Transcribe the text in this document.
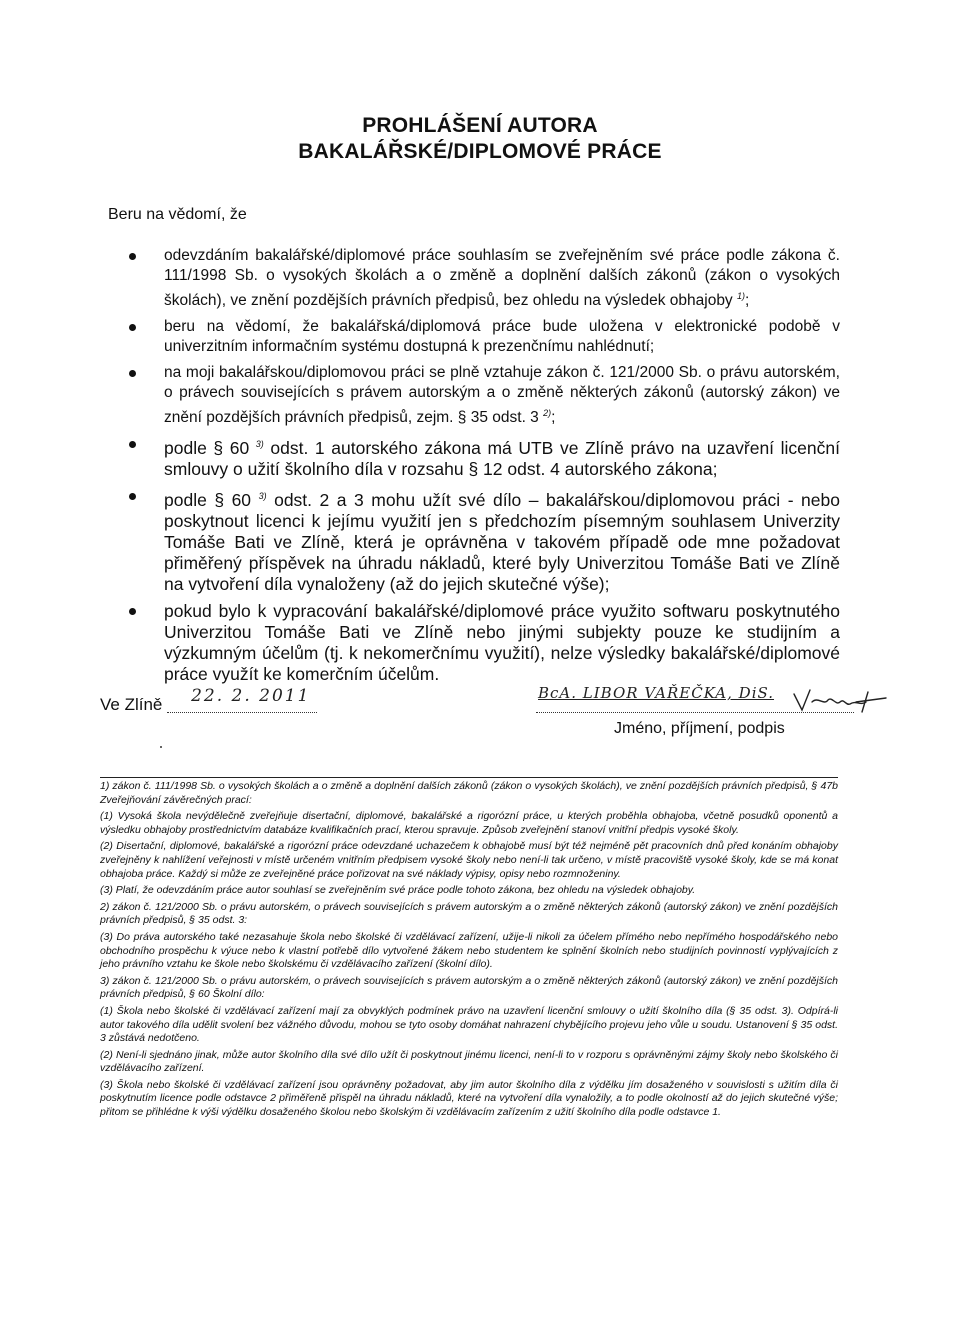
PROHLÁŠENÍ AUTORA
BAKALÁŘSKÉ/DIPLOMOVÉ PRÁCE
Beru na vědomí, že
odevzdáním bakalářské/diplomové práce souhlasím se zveřejněním své práce podle zákona č. 111/1998 Sb. o vysokých školách a o změně a doplnění dalších zákonů (zákon o vysokých školách), ve znění pozdějších právních předpisů, bez ohledu na výsledek obhajoby $^{1)}$;
beru na vědomí, že bakalářská/diplomová práce bude uložena v elektronické podobě v univerzitním informačním systému dostupná k prezenčnímu nahlédnutí;
na moji bakalářskou/diplomovou práci se plně vztahuje zákon č. 121/2000 Sb. o právu autorském, o právech souvisejících s právem autorským a o změně některých zákonů (autorský zákon) ve znění pozdějších právních předpisů, zejm. § 35 odst. 3 $^{2)}$;
podle § 60 $^{3)}$ odst. 1 autorského zákona má UTB ve Zlíně právo na uzavření licenční smlouvy o užití školního díla v rozsahu § 12 odst. 4 autorského zákona;
podle § 60 $^{3)}$ odst. 2 a 3 mohu užít své dílo – bakalářskou/diplomovou práci - nebo poskytnout licenci k jejímu využití jen s předchozím písemným souhlasem Univerzity Tomáše Bati ve Zlíně, která je oprávněna v takovém případě ode mne požadovat přiměřený příspěvek na úhradu nákladů, které byly Univerzitou Tomáše Bati ve Zlíně na vytvoření díla vynaloženy (až do jejich skutečné výše);
pokud bylo k vypracování bakalářské/diplomové práce využito softwaru poskytnutého Univerzitou Tomáše Bati ve Zlíně nebo jinými subjekty pouze ke studijním a výzkumným účelům (tj. k nekomerčnímu využití), nelze výsledky bakalářské/diplomové práce využít ke komerčním účelům.
Ve Zlíně 22. 2. 2011	BcA. LIBOR VAŘEČKA, DiS.
Jméno, příjmení, podpis

1) zákon č. 111/1998 Sb. o vysokých školách a o změně a doplnění dalších zákonů (zákon o vysokých školách), ve znění pozdějších právních předpisů, § 47b Zveřejňování závěrečných prací:

(1) Vysoká škola nevýdělečně zveřejňuje disertační, diplomové, bakalářské a rigorózní práce, u kterých proběhla obhajoba, včetně posudků oponentů a výsledku obhajoby prostřednictvím databáze kvalifikačních prací, kterou spravuje. Způsob zveřejnění stanoví vnitřní předpis vysoké školy.

(2) Disertační, diplomové, bakalářské a rigorózní práce odevzdané uchazečem k obhajobě musí být též nejméně pět pracovních dnů před konáním obhajoby zveřejněny k nahlížení veřejnosti v místě určeném vnitřním předpisem vysoké školy nebo není-li tak určeno, v místě pracoviště vysoké školy, kde se má konat obhajoba práce. Každý si může ze zveřejněné práce pořizovat na své náklady výpisy, opisy nebo rozmnoženiny.

(3) Platí, že odevzdáním práce autor souhlasí se zveřejněním své práce podle tohoto zákona, bez ohledu na výsledek obhajoby.

2) zákon č. 121/2000 Sb. o právu autorském, o právech souvisejících s právem autorským a o změně některých zákonů (autorský zákon) ve znění pozdějších právních předpisů, § 35 odst. 3:

(3) Do práva autorského také nezasahuje škola nebo školské či vzdělávací zařízení, užije-li nikoli za účelem přímého nebo nepřímého hospodářského nebo obchodního prospěchu k výuce nebo k vlastní potřebě dílo vytvořené žákem nebo studentem ke splnění školních nebo studijních povinností vyplývajících z jeho právního vztahu ke škole nebo školskému či vzdělávacího zařízení (školní dílo).

3) zákon č. 121/2000 Sb. o právu autorském, o právech souvisejících s právem autorským a o změně některých zákonů (autorský zákon) ve znění pozdějších právních předpisů, § 60 Školní dílo:

(1) Škola nebo školské či vzdělávací zařízení mají za obvyklých podmínek právo na uzavření licenční smlouvy o užití školního díla (§ 35 odst. 3). Odpírá-li autor takového díla udělit svolení bez vážného důvodu, mohou se tyto osoby domáhat nahrazení chybějícího projevu jeho vůle u soudu. Ustanovení § 35 odst. 3 zůstává nedotčeno.

(2) Není-li sjednáno jinak, může autor školního díla své dílo užít či poskytnout jinému licenci, není-li to v rozporu s oprávněnými zájmy školy nebo školského či vzdělávacího zařízení.

(3) Škola nebo školské či vzdělávací zařízení jsou oprávněny požadovat, aby jim autor školního díla z výdělku jím dosaženého v souvislosti s užitím díla či poskytnutím licence podle odstavce 2 přiměřeně přispěl na úhradu nákladů, které na vytvoření díla vynaložily, a to podle okolností až do jejich skutečné výše; přitom se přihlédne k výši výdělku dosaženého školou nebo školským či vzdělávacím zařízením z užití školního díla podle odstavce 1.
